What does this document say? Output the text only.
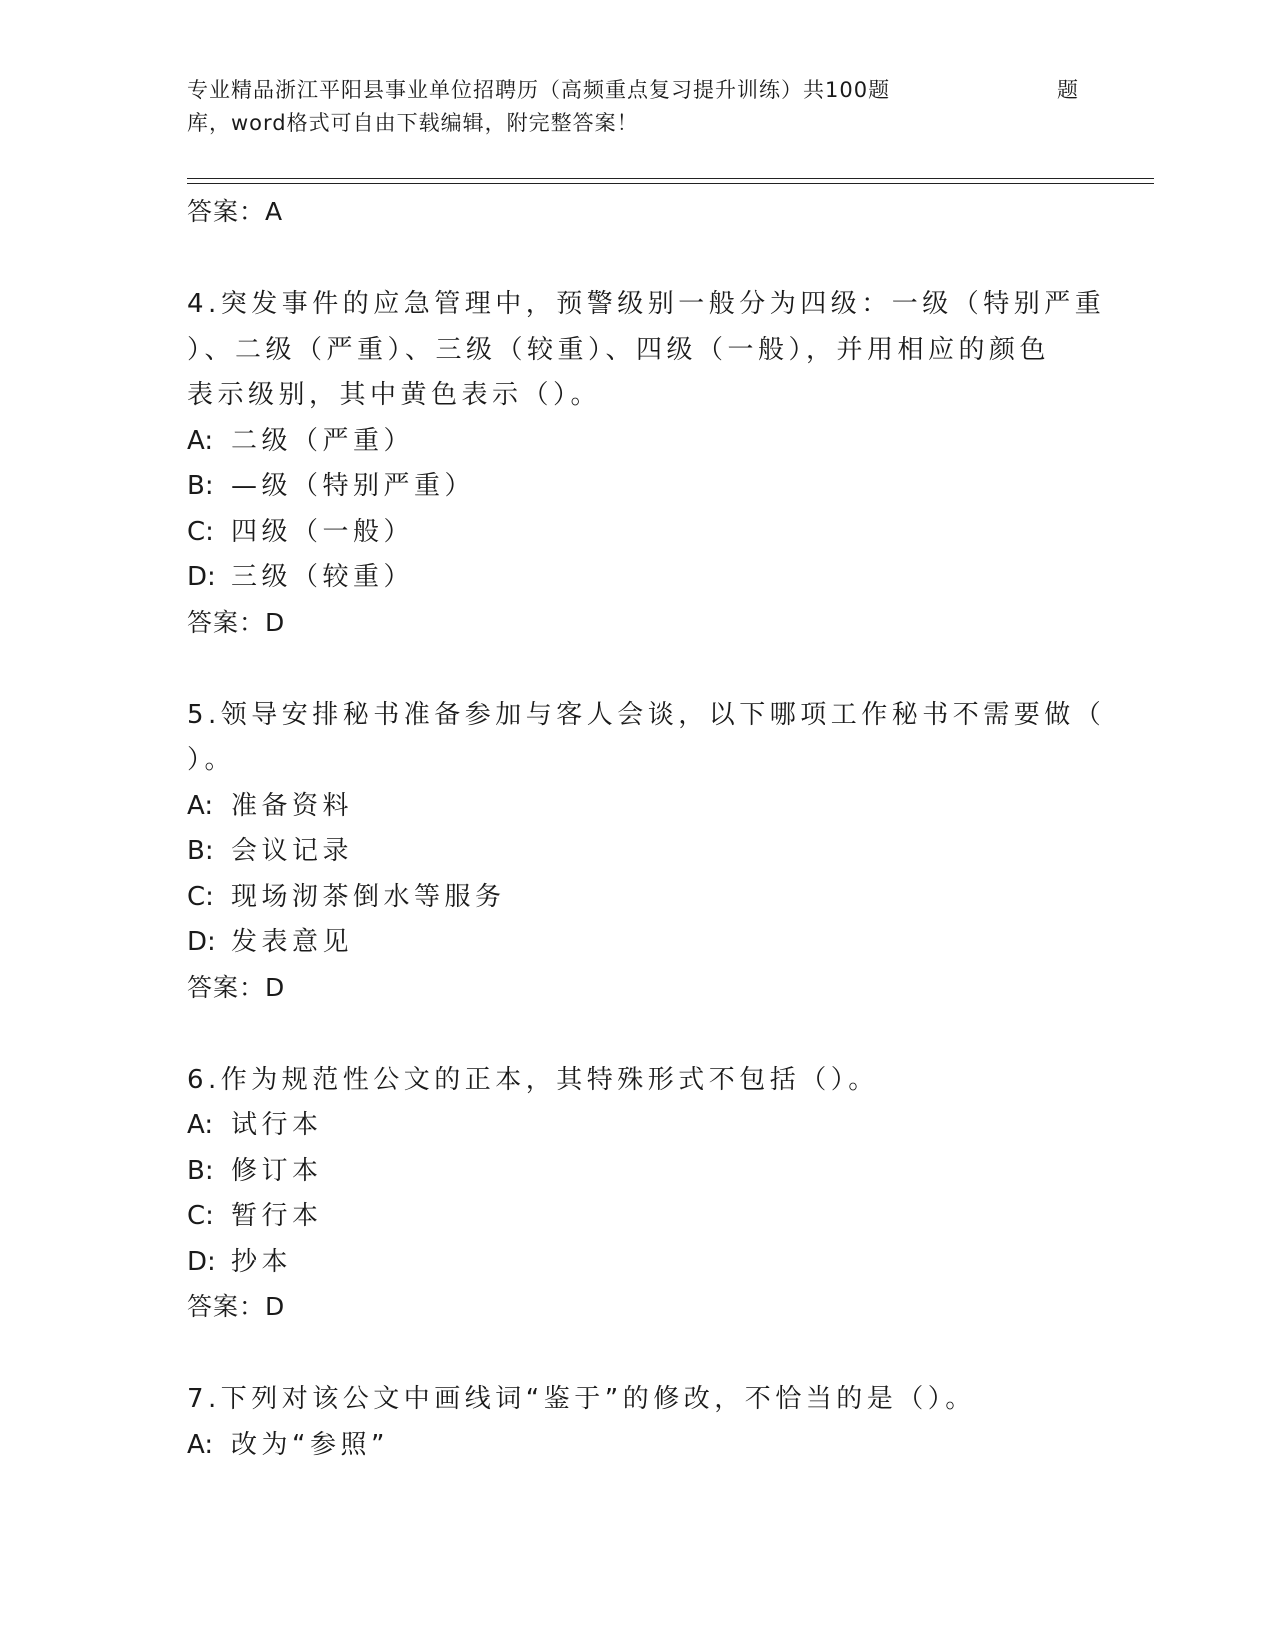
专业精品浙江平阳县事业单位招聘历（高频重点复习提升训练）共100题	题
库，word格式可自由下载编辑，附完整答案！
答案：A
4.突发事件的应急管理中，预警级别一般分为四级：一级（特别严重
）、二级（严重）、三级（较重）、四级（一般），并用相应的颜色
表示级别，其中黄色表示（）。
A: 二级（严重）
B: —级（特别严重）
C: 四级（一般）
D: 三级（较重）
答案：D
5.领导安排秘书准备参加与客人会谈，以下哪项工作秘书不需要做（
）。
A: 准备资料
B: 会议记录
C: 现场沏茶倒水等服务
D: 发表意见
答案：D
6.作为规范性公文的正本，其特殊形式不包括（）。
A: 试行本
B: 修订本
C: 暂行本
D: 抄本
答案：D
7.下列对该公文中画线词“鉴于”的修改，不恰当的是（）。
A: 改为“参照”
